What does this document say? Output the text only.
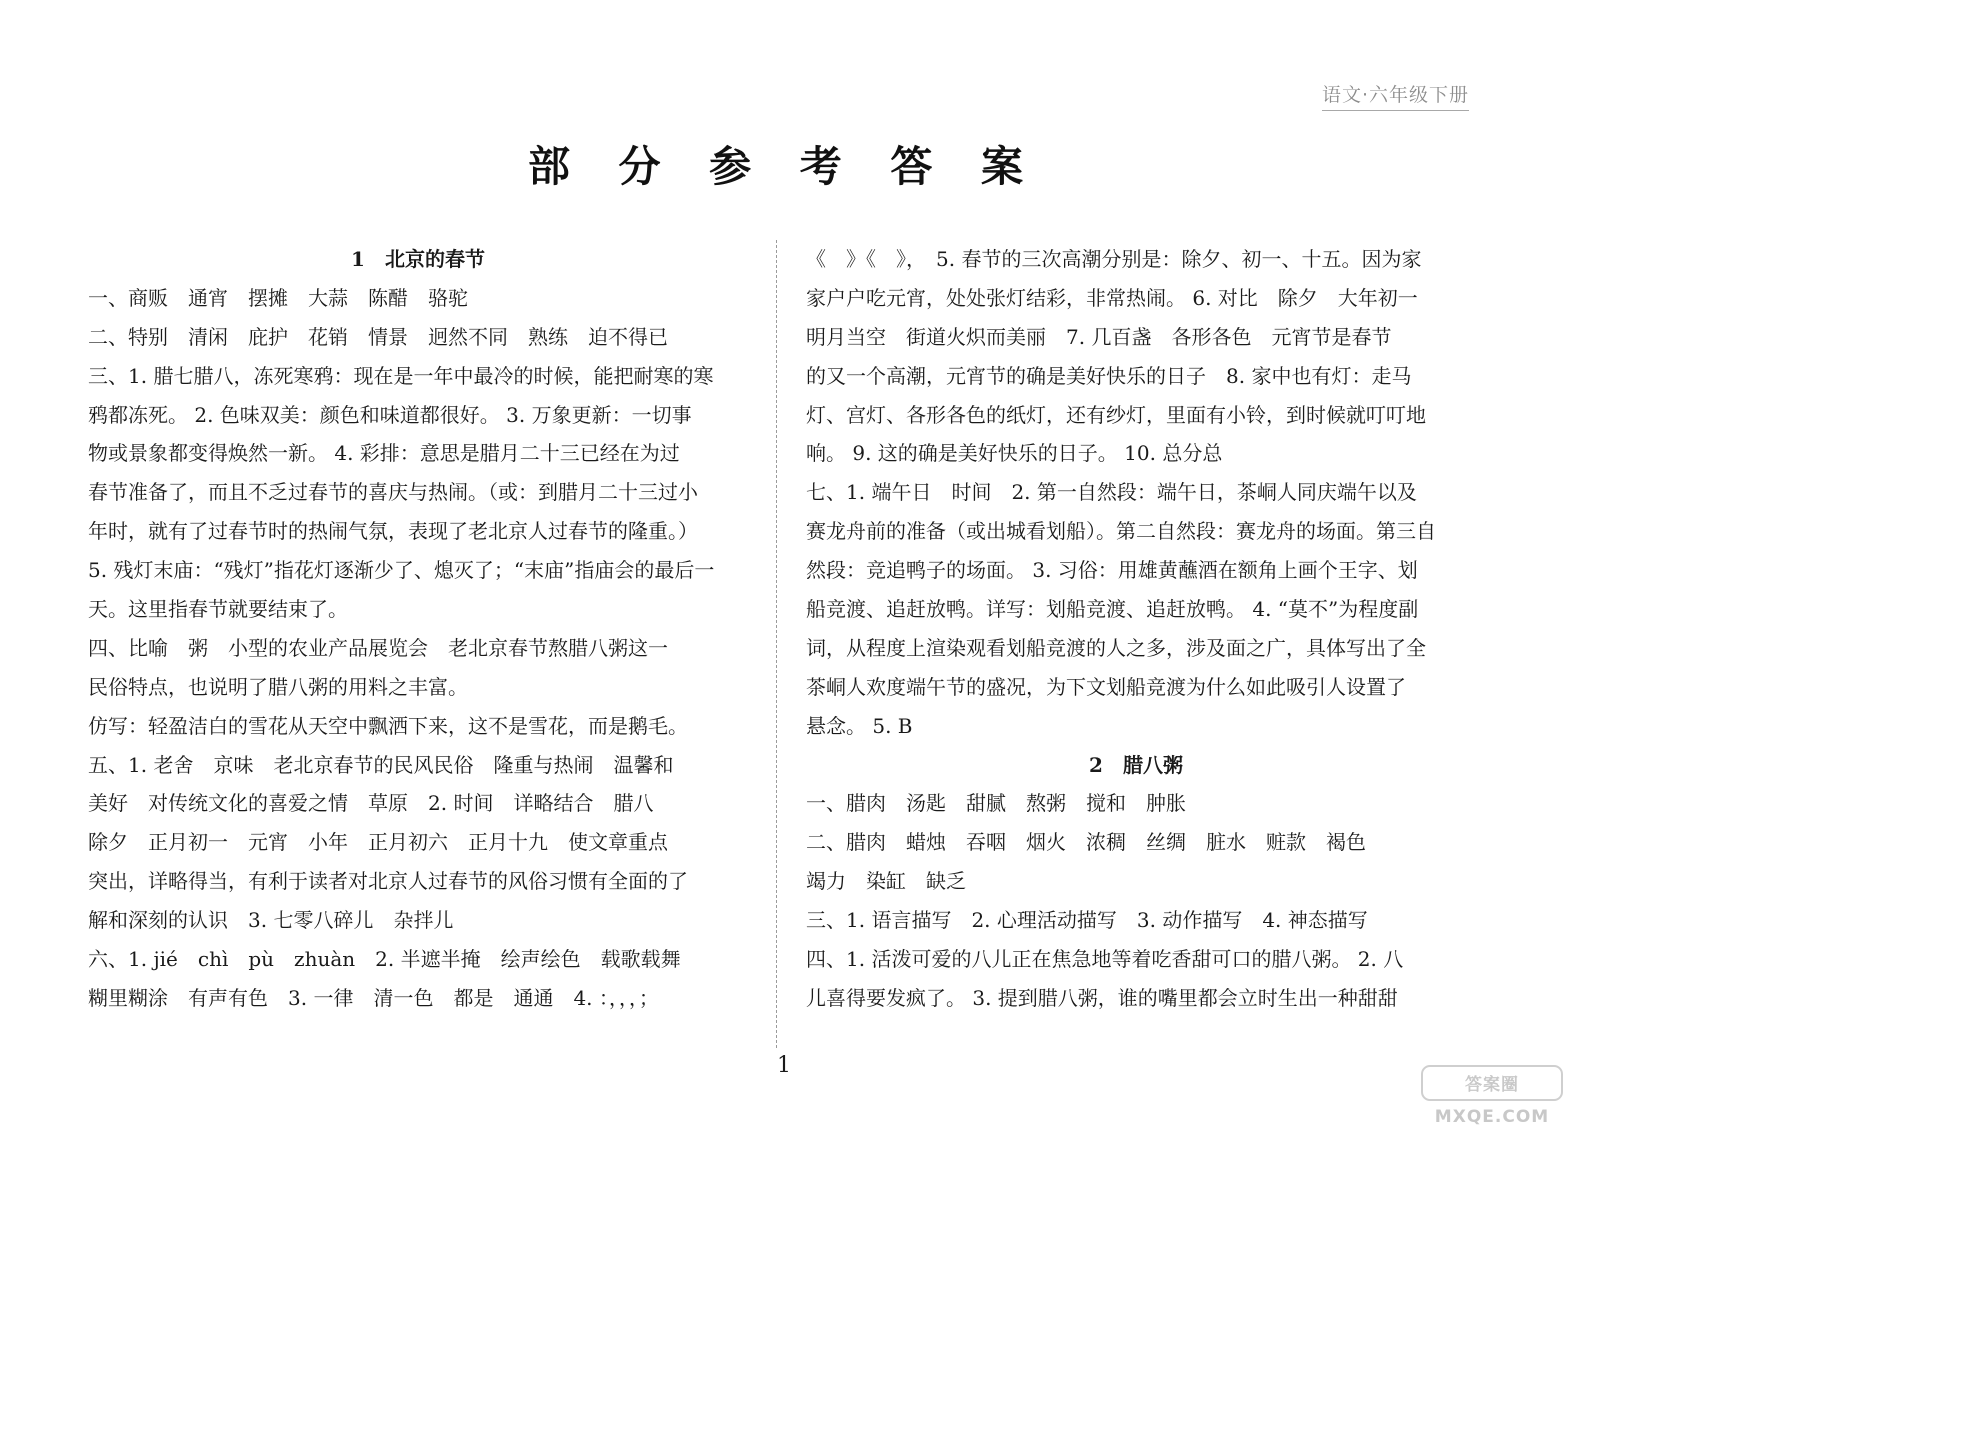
语文·六年级下册
部 分 参 考 答 案
1　北京的春节
一、商贩　通宵　摆摊　大蒜　陈醋　骆驼
二、特别　清闲　庇护　花销　情景　迥然不同　熟练　迫不得已
三、1. 腊七腊八，冻死寒鸦：现在是一年中最冷的时候，能把耐寒的寒
鸦都冻死。 2. 色味双美：颜色和味道都很好。 3. 万象更新：一切事
物或景象都变得焕然一新。 4. 彩排：意思是腊月二十三已经在为过
春节准备了，而且不乏过春节的喜庆与热闹。（或：到腊月二十三过小
年时，就有了过春节时的热闹气氛，表现了老北京人过春节的隆重。）
5. 残灯末庙：“残灯”指花灯逐渐少了、熄灭了；“末庙”指庙会的最后一
天。这里指春节就要结束了。
四、比喻　粥　小型的农业产品展览会　老北京春节熬腊八粥这一
民俗特点，也说明了腊八粥的用料之丰富。
仿写：轻盈洁白的雪花从天空中飘洒下来，这不是雪花，而是鹅毛。
五、1. 老舍　京味　老北京春节的民风民俗　隆重与热闹　温馨和
美好　对传统文化的喜爱之情　草原　2. 时间　详略结合　腊八
除夕　正月初一　元宵　小年　正月初六　正月十九　使文章重点
突出，详略得当，有利于读者对北京人过春节的风俗习惯有全面的了
解和深刻的认识　3. 七零八碎儿　杂拌儿
六、1. jié　chì　pù　zhuàn　2. 半遮半掩　绘声绘色　载歌载舞
糊里糊涂　有声有色　3. 一律　清一色　都是　通通　4. ：，，，；
《　》《　》，　5. 春节的三次高潮分别是：除夕、初一、十五。因为家
家户户吃元宵，处处张灯结彩，非常热闹。 6. 对比　除夕　大年初一
明月当空　街道火炽而美丽　7. 几百盏　各形各色　元宵节是春节
的又一个高潮，元宵节的确是美好快乐的日子　8. 家中也有灯：走马
灯、宫灯、各形各色的纸灯，还有纱灯，里面有小铃，到时候就叮叮地
响。 9. 这的确是美好快乐的日子。 10. 总分总
七、1. 端午日　时间　2. 第一自然段：端午日，茶峒人同庆端午以及
赛龙舟前的准备（或出城看划船）。第二自然段：赛龙舟的场面。第三自
然段：竞追鸭子的场面。 3. 习俗：用雄黄蘸酒在额角上画个王字、划
船竞渡、追赶放鸭。详写：划船竞渡、追赶放鸭。 4. “莫不”为程度副
词，从程度上渲染观看划船竞渡的人之多，涉及面之广，具体写出了全
茶峒人欢度端午节的盛况，为下文划船竞渡为什么如此吸引人设置了
悬念。 5. B
2　腊八粥
一、腊肉　汤匙　甜腻　熬粥　搅和　肿胀
二、腊肉　蜡烛　吞咽　烟火　浓稠　丝绸　脏水　赃款　褐色
竭力　染缸　缺乏
三、1. 语言描写　2. 心理活动描写　3. 动作描写　4. 神态描写
四、1. 活泼可爱的八儿正在焦急地等着吃香甜可口的腊八粥。 2. 八
儿喜得要发疯了。 3. 提到腊八粥，谁的嘴里都会立时生出一种甜甜
1
答案圈
MXQE.COM
